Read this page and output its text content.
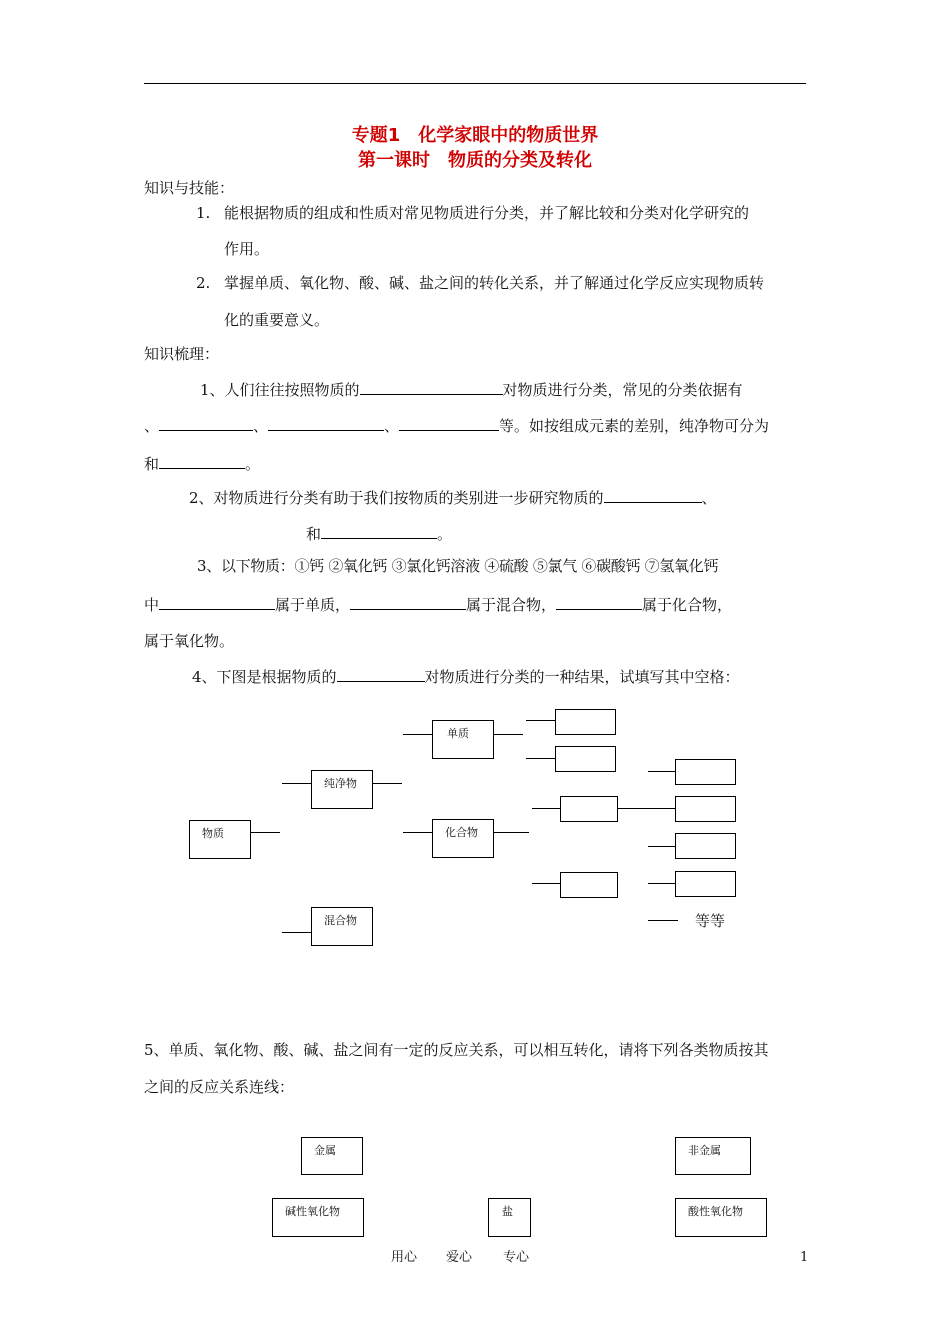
专题1　化学家眼中的物质世界
第一课时　物质的分类及转化
知识与技能：
1. 能根据物质的组成和性质对常见物质进行分类，并了解比较和分类对化学研究的
作用。
2. 掌握单质、氧化物、酸、碱、盐之间的转化关系，并了解通过化学反应实现物质转
化的重要意义。
知识梳理：
1、人们往往按照物质的	对物质进行分类，常见的分类依据有
、	、	、	等。如按组成元素的差别，纯净物可分为
和	。
2、对物质进行分类有助于我们按物质的类别进一步研究物质的	、
和	。
3、以下物质：①钙 ②氧化钙 ③氯化钙溶液 ④硫酸 ⑤氯气 ⑥碳酸钙 ⑦氢氧化钙
中	属于单质，	属于混合物，	属于化合物，
属于氧化物。
4、下图是根据物质的	对物质进行分类的一种结果，试填写其中空格：
物质
纯净物
混合物
单质
化合物
等等
5、单质、氧化物、酸、碱、盐之间有一定的反应关系，可以相互转化，请将下列各类物质按其
之间的反应关系连线：
金属	非金属
碱性氧化物	盐	酸性氧化物
用心 爱心 专心	1
